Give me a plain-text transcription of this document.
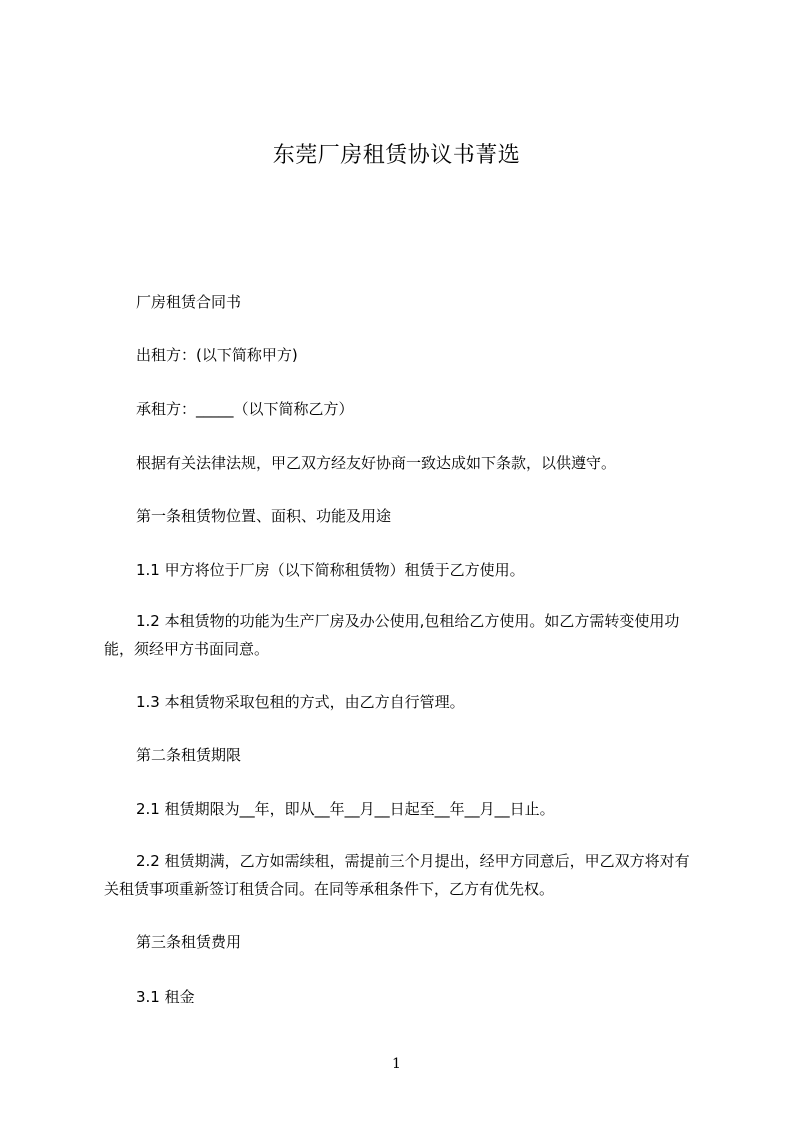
东莞厂房租赁协议书菁选
厂房租赁合同书
出租方：(以下简称甲方)
承租方：_____（以下简称乙方）
根据有关法律法规，甲乙双方经友好协商一致达成如下条款，以供遵守。
第一条租赁物位置、面积、功能及用途
1.1 甲方将位于厂房（以下简称租赁物）租赁于乙方使用。
1.2 本租赁物的功能为生产厂房及办公使用,包租给乙方使用。如乙方需转变使用功能，须经甲方书面同意。
1.3 本租赁物采取包租的方式，由乙方自行管理。
第二条租赁期限
2.1 租赁期限为__年，即从__年__月__日起至__年__月__日止。
2.2 租赁期满，乙方如需续租，需提前三个月提出，经甲方同意后，甲乙双方将对有关租赁事项重新签订租赁合同。在同等承租条件下，乙方有优先权。
第三条租赁费用
3.1 租金
1
